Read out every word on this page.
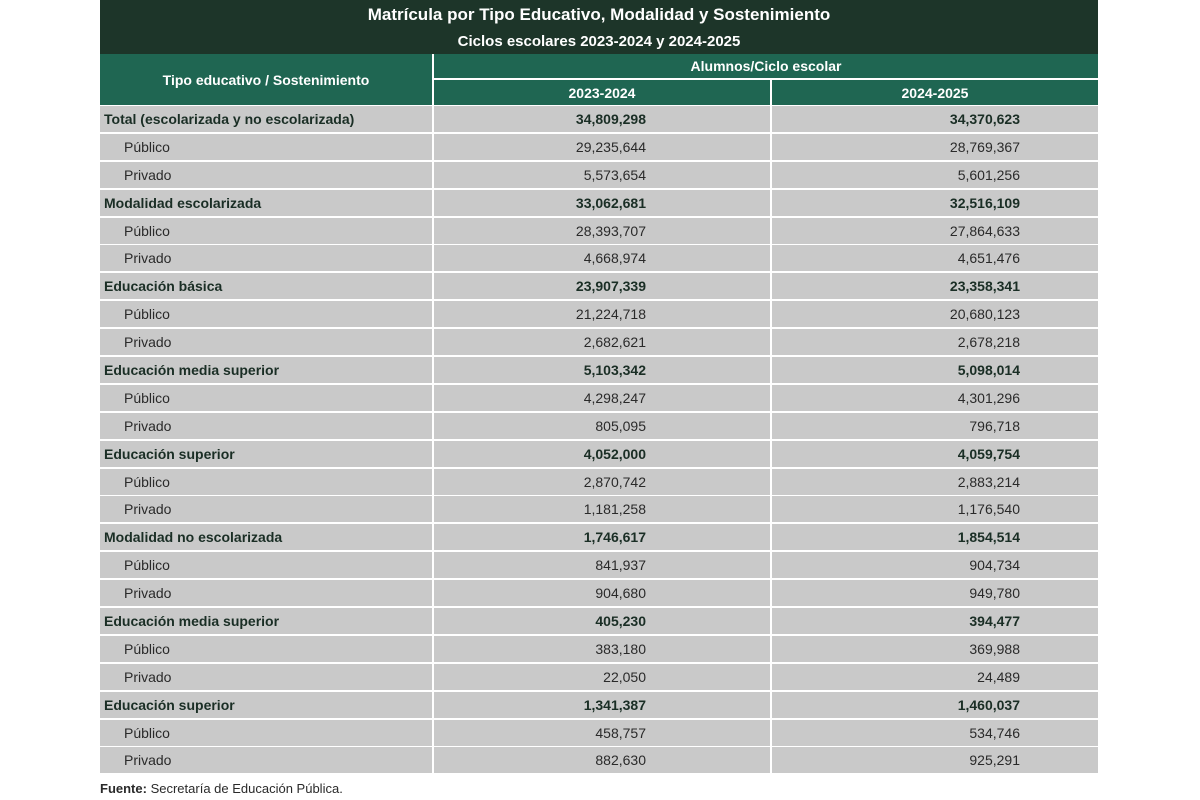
Matrícula por Tipo Educativo, Modalidad y Sostenimiento
Ciclos escolares 2023-2024 y 2024-2025
Tipo educativo / Sostenimiento
Alumnos/Ciclo escolar
2023-2024	2024-2025
Total (escolarizada y no escolarizada)	34,809,298	34,370,623
Público	29,235,644	28,769,367
Privado	5,573,654	5,601,256
Modalidad escolarizada	33,062,681	32,516,109
Público	28,393,707	27,864,633
Privado	4,668,974	4,651,476
Educación básica	23,907,339	23,358,341
Público	21,224,718	20,680,123
Privado	2,682,621	2,678,218
Educación media superior	5,103,342	5,098,014
Público	4,298,247	4,301,296
Privado	805,095	796,718
Educación superior	4,052,000	4,059,754
Público	2,870,742	2,883,214
Privado	1,181,258	1,176,540
Modalidad no escolarizada	1,746,617	1,854,514
Público	841,937	904,734
Privado	904,680	949,780
Educación media superior	405,230	394,477
Público	383,180	369,988
Privado	22,050	24,489
Educación superior	1,341,387	1,460,037
Público	458,757	534,746
Privado	882,630	925,291
Fuente: Secretaría de Educación Pública.
